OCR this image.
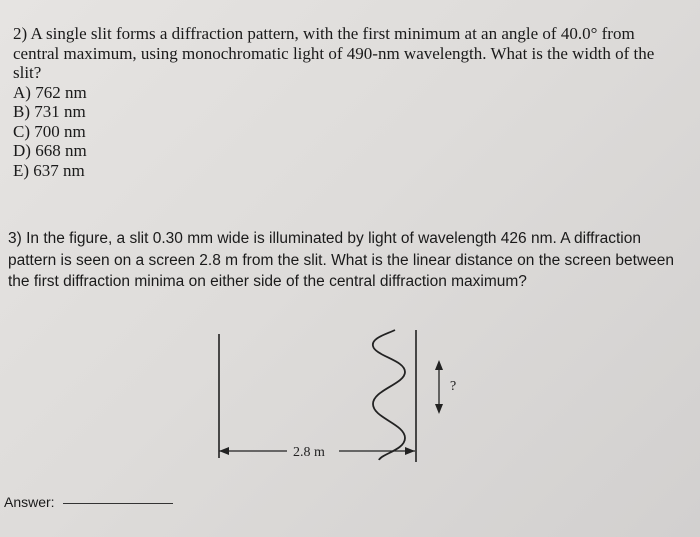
2) A single slit forms a diffraction pattern, with the first minimum at an angle of 40.0° from central maximum, using monochromatic light of 490-nm wavelength. What is the width of the slit?
A) 762 nm
B) 731 nm
C) 700 nm
D) 668 nm
E) 637 nm
3) In the figure, a slit 0.30 mm wide is illuminated by light of wavelength 426 nm. A diffraction pattern is seen on a screen 2.8 m from the slit. What is the linear distance on the screen between the first diffraction minima on either side of the central diffraction maximum?
?
2.8 m
Answer:
